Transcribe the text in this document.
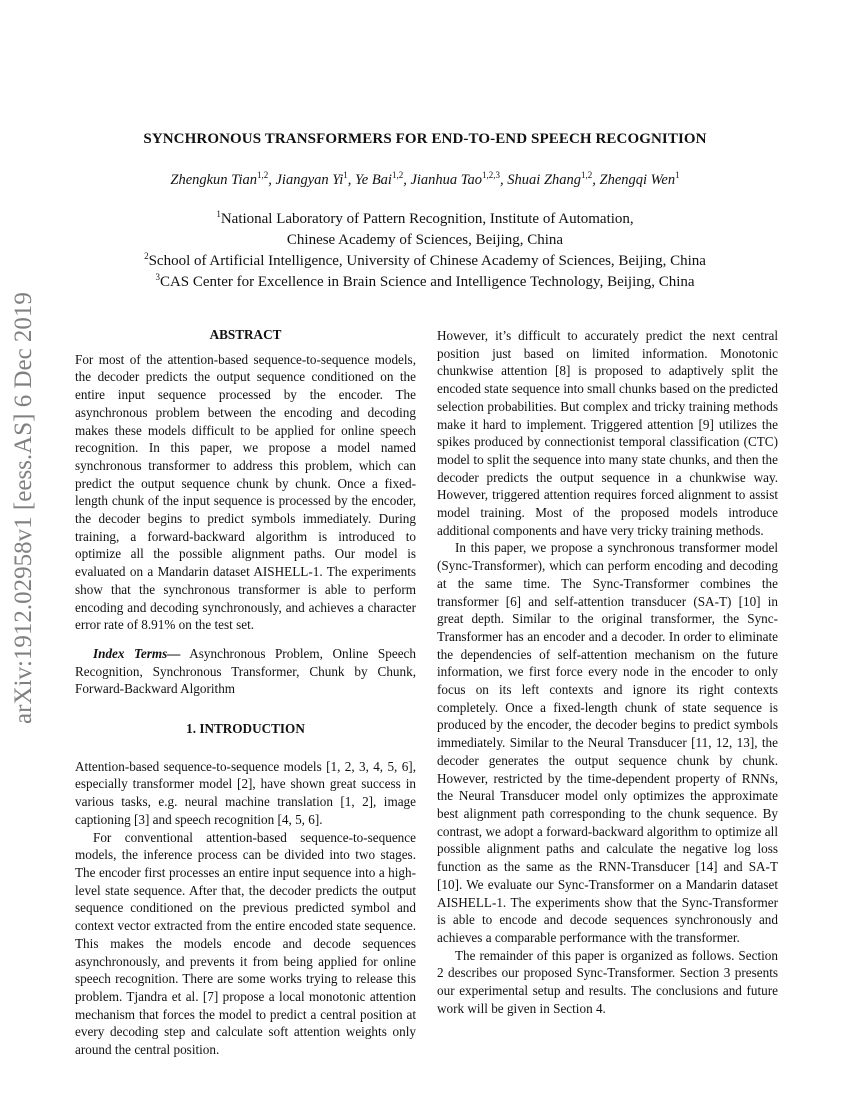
arXiv:1912.02958v1 [eess.AS] 6 Dec 2019
SYNCHRONOUS TRANSFORMERS FOR END-TO-END SPEECH RECOGNITION

Zhengkun Tian$^{1,2}$, Jiangyan Yi$^1$, Ye Bai$^{1,2}$, Jianhua Tao$^{1,2,3}$, Shuai Zhang$^{1,2}$, Zhengqi Wen$^1$

$^1$National Laboratory of Pattern Recognition, Institute of Automation,

Chinese Academy of Sciences, Beijing, China

$^2$School of Artificial Intelligence, University of Chinese Academy of Sciences, Beijing, China

$^3$CAS Center for Excellence in Brain Science and Intelligence Technology, Beijing, China

ABSTRACT

For most of the attention-based sequence-to-sequence models, the decoder predicts the output sequence conditioned on the entire input sequence processed by the encoder. The asynchronous problem between the encoding and decoding makes these models difficult to be applied for online speech recognition. In this paper, we propose a model named synchronous transformer to address this problem, which can predict the output sequence chunk by chunk. Once a fixed-length chunk of the input sequence is processed by the encoder, the decoder begins to predict symbols immediately. During training, a forward-backward algorithm is introduced to optimize all the possible alignment paths. Our model is evaluated on a Mandarin dataset AISHELL-1. The experiments show that the synchronous transformer is able to perform encoding and decoding synchronously, and achieves a character error rate of 8.91% on the test set.

Index Terms— Asynchronous Problem, Online Speech Recognition, Synchronous Transformer, Chunk by Chunk, Forward-Backward Algorithm

1. INTRODUCTION

Attention-based sequence-to-sequence models [1, 2, 3, 4, 5, 6], especially transformer model [2], have shown great success in various tasks, e.g. neural machine translation [1, 2], image captioning [3] and speech recognition [4, 5, 6].

For conventional attention-based sequence-to-sequence models, the inference process can be divided into two stages. The encoder first processes an entire input sequence into a high-level state sequence. After that, the decoder predicts the output sequence conditioned on the previous predicted symbol and context vector extracted from the entire encoded state sequence. This makes the models encode and decode sequences asynchronously, and prevents it from being applied for online speech recognition. There are some works trying to release this problem. Tjandra et al. [7] propose a local monotonic attention mechanism that forces the model to predict a central position at every decoding step and calculate soft attention weights only around the central position.

However, it’s difficult to accurately predict the next central position just based on limited information. Monotonic chunkwise attention [8] is proposed to adaptively split the encoded state sequence into small chunks based on the predicted selection probabilities. But complex and tricky training methods make it hard to implement. Triggered attention [9] utilizes the spikes produced by connectionist temporal classification (CTC) model to split the sequence into many state chunks, and then the decoder predicts the output sequence in a chunkwise way. However, triggered attention requires forced alignment to assist model training. Most of the proposed models introduce additional components and have very tricky training methods.

In this paper, we propose a synchronous transformer model (Sync-Transformer), which can perform encoding and decoding at the same time. The Sync-Transformer combines the transformer [6] and self-attention transducer (SA-T) [10] in great depth. Similar to the original transformer, the Sync-Transformer has an encoder and a decoder. In order to eliminate the dependencies of self-attention mechanism on the future information, we first force every node in the encoder to only focus on its left contexts and ignore its right contexts completely. Once a fixed-length chunk of state sequence is produced by the encoder, the decoder begins to predict symbols immediately. Similar to the Neural Transducer [11, 12, 13], the decoder generates the output sequence chunk by chunk. However, restricted by the time-dependent property of RNNs, the Neural Transducer model only optimizes the approximate best alignment path corresponding to the chunk sequence. By contrast, we adopt a forward-backward algorithm to optimize all possible alignment paths and calculate the negative log loss function as the same as the RNN-Transducer [14] and SA-T [10]. We evaluate our Sync-Transformer on a Mandarin dataset AISHELL-1. The experiments show that the Sync-Transformer is able to encode and decode sequences synchronously and achieves a comparable performance with the transformer.

The remainder of this paper is organized as follows. Section 2 describes our proposed Sync-Transformer. Section 3 presents our experimental setup and results. The conclusions and future work will be given in Section 4.
